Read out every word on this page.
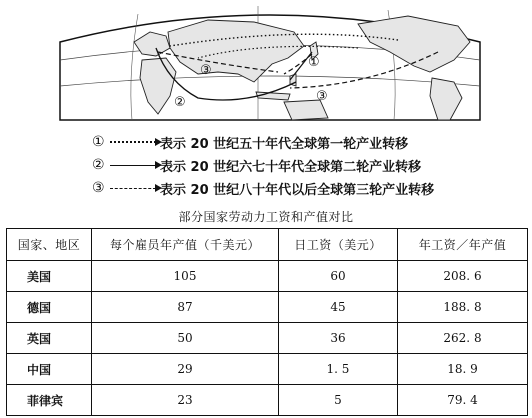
①
②
③
③
①	表示 20 世纪五十年代全球第一轮产业转移
②	表示 20 世纪六七十年代全球第二轮产业转移
③	表示 20 世纪八十年代以后全球第三轮产业转移
部分国家劳动力工资和产值对比
国家、地区	每个雇员年产值（千美元）	日工资（美元）	年工资／年产值
美国	105	60	208. 6
德国	87	45	188. 8
英国	50	36	262. 8
中国	29	1. 5	18. 9
菲律宾	23	5	79. 4
